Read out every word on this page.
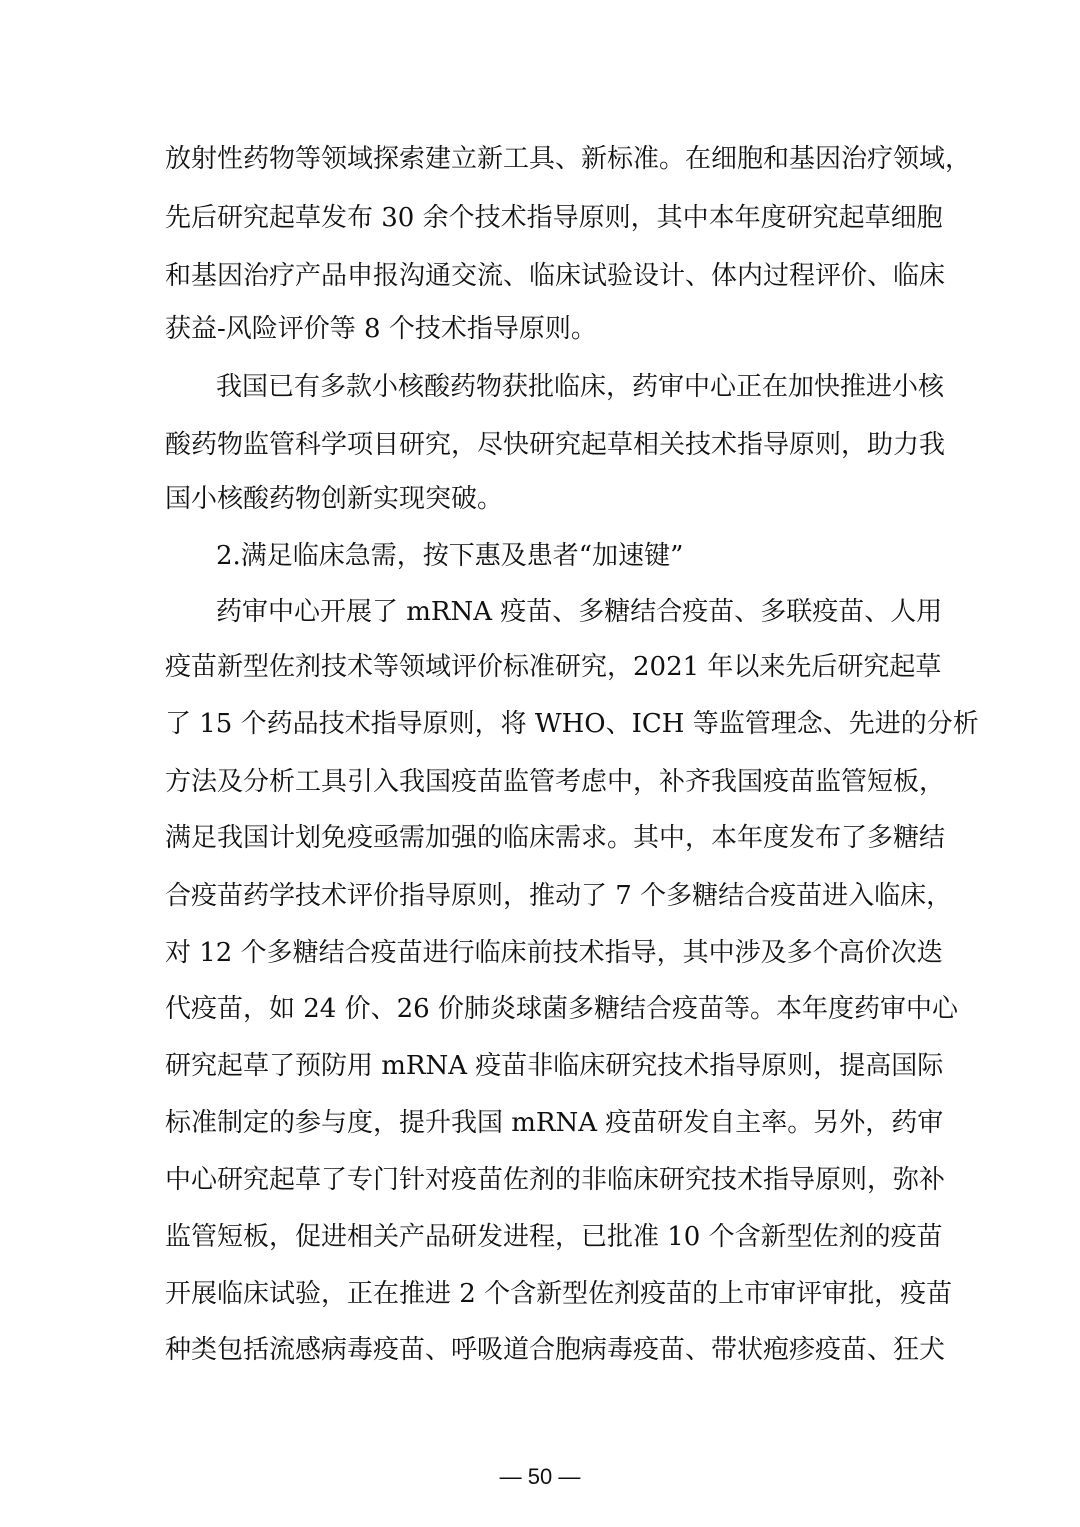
放射性药物等领域探索建立新工具、新标准。在细胞和基因治疗领域，
先后研究起草发布 30 余个技术指导原则，其中本年度研究起草细胞
和基因治疗产品申报沟通交流、临床试验设计、体内过程评价、临床
获益-风险评价等 8 个技术指导原则。
我国已有多款小核酸药物获批临床，药审中心正在加快推进小核
酸药物监管科学项目研究，尽快研究起草相关技术指导原则，助力我
国小核酸药物创新实现突破。
2.满足临床急需，按下惠及患者“加速键”
药审中心开展了 mRNA 疫苗、多糖结合疫苗、多联疫苗、人用
疫苗新型佐剂技术等领域评价标准研究，2021 年以来先后研究起草
了 15 个药品技术指导原则，将 WHO、ICH 等监管理念、先进的分析
方法及分析工具引入我国疫苗监管考虑中，补齐我国疫苗监管短板，
满足我国计划免疫亟需加强的临床需求。其中，本年度发布了多糖结
合疫苗药学技术评价指导原则，推动了 7 个多糖结合疫苗进入临床，
对 12 个多糖结合疫苗进行临床前技术指导，其中涉及多个高价次迭
代疫苗，如 24 价、26 价肺炎球菌多糖结合疫苗等。本年度药审中心
研究起草了预防用 mRNA 疫苗非临床研究技术指导原则，提高国际
标准制定的参与度，提升我国 mRNA 疫苗研发自主率。另外，药审
中心研究起草了专门针对疫苗佐剂的非临床研究技术指导原则，弥补
监管短板，促进相关产品研发进程，已批准 10 个含新型佐剂的疫苗
开展临床试验，正在推进 2 个含新型佐剂疫苗的上市审评审批，疫苗
种类包括流感病毒疫苗、呼吸道合胞病毒疫苗、带状疱疹疫苗、狂犬
— 50 —
